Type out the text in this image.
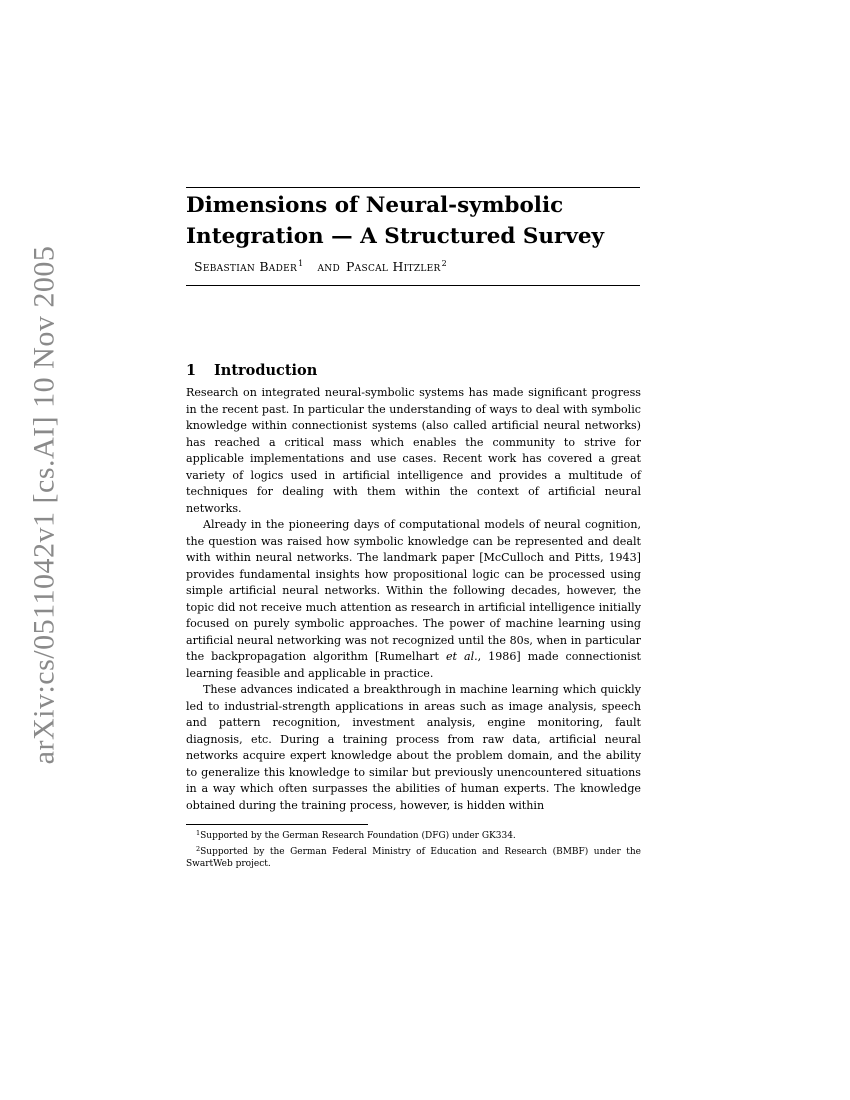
arXiv:cs/0511042v1 [cs.AI] 10 Nov 2005
Dimensions of Neural-symbolic
Integration — A Structured Survey
Sebastian Bader$^1$ and Pascal Hitzler$^2$
1 Introduction

Research on integrated neural-symbolic systems has made significant progress in the recent past. In particular the understanding of ways to deal with symbolic knowledge within connectionist systems (also called artificial neural networks) has reached a critical mass which enables the community to strive for applicable implementations and use cases. Recent work has covered a great variety of logics used in artificial intelligence and provides a multitude of techniques for dealing with them within the context of artificial neural networks.

Already in the pioneering days of computational models of neural cognition, the question was raised how symbolic knowledge can be represented and dealt with within neural networks. The landmark paper [McCulloch and Pitts, 1943] provides fundamental insights how propositional logic can be processed using simple artificial neural networks. Within the following decades, however, the topic did not receive much attention as research in artificial intelligence initially focused on purely symbolic approaches. The power of machine learning using artificial neural networking was not recognized until the 80s, when in particular the backpropagation algorithm [Rumelhart et al., 1986] made connectionist learning feasible and applicable in practice.

These advances indicated a breakthrough in machine learning which quickly led to industrial-strength applications in areas such as image analysis, speech and pattern recognition, investment analysis, engine monitoring, fault diagnosis, etc. During a training process from raw data, artificial neural networks acquire expert knowledge about the problem domain, and the ability to generalize this knowledge to similar but previously unencountered situations in a way which often surpasses the abilities of human experts. The knowledge obtained during the training process, however, is hidden within

$^1$Supported by the German Research Foundation (DFG) under GK334.

$^2$Supported by the German Federal Ministry of Education and Research (BMBF) under the SwartWeb project.
